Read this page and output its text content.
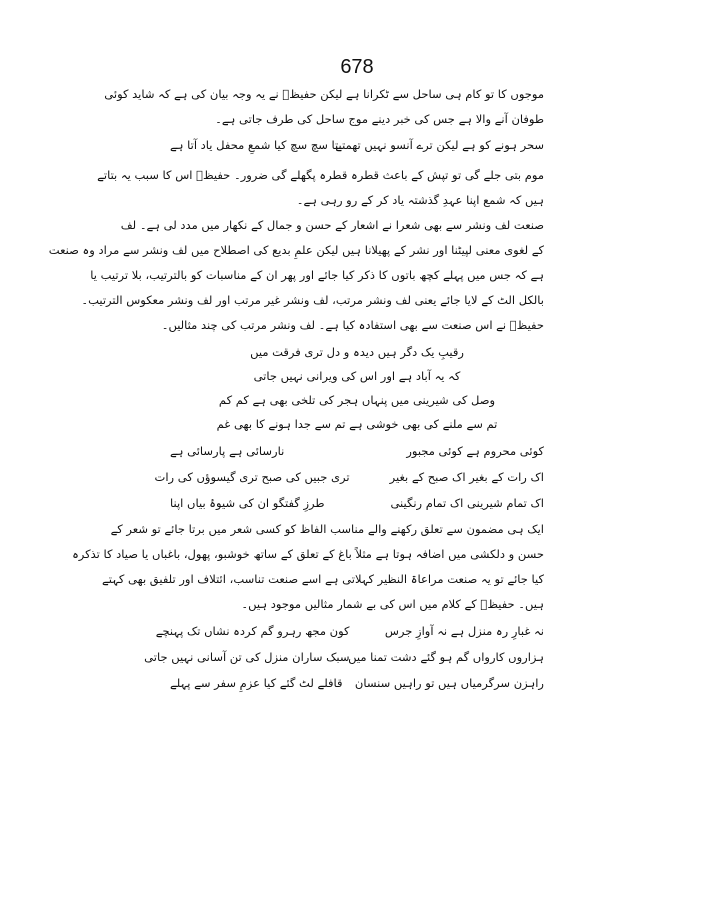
678
موجوں کا تو کام ہی ساحل سے ٹکرانا ہے لیکن حفیظؔ نے یہ وجہ بیان کی ہے کہ شاید کوئی
طوفان آنے والا ہے جس کی خبر دینے موج ساحل کی طرف جاتی ہے۔
سحر ہونے کو ہے لیکن ترے آنسو نہیں تھمتے
بتا سچ سچ کیا شمعِ محفل یاد آتا ہے
موم بتی جلے گی تو تپش کے باعث قطرہ قطرہ پگھلے گی ضرور۔ حفیظؔ اس کا سبب یہ بتاتے
ہیں کہ شمع اپنا عہدِ گذشتہ یاد کر کے رو رہی ہے۔
صنعت لف ونشر سے بھی شعرا نے اشعار کے حسن و جمال کے نکھار میں مدد لی ہے۔ لف
کے لغوی معنی لپیٹنا اور نشر کے پھیلانا ہیں لیکن علمِ بدیع کی اصطلاح میں لف ونشر سے مراد وہ صنعت
ہے کہ جس میں پہلے کچھ باتوں کا ذکر کیا جائے اور پھر ان کے مناسبات کو بالترتیب، بلا ترتیب یا
بالکل الٹ کے لایا جائے یعنی لف ونشر مرتب، لف ونشر غیر مرتب اور لف ونشر معکوس الترتیب۔
حفیظؔ نے اس صنعت سے بھی استفادہ کیا ہے۔ لف ونشر مرتب کی چند مثالیں۔
رقیبِ یک دگر ہیں دیدہ و دل تری فرقت میں
کہ یہ آباد ہے اور اس کی ویرانی نہیں جاتی
وصل کی شیرینی میں پنہاں ہجر کی تلخی بھی ہے کم کم
تم سے ملنے کی بھی خوشی ہے تم سے جدا ہونے کا بھی غم
کوئی محروم ہے کوئی مجبور
نارسائی ہے پارسائی ہے
اک رات کے بغیر اک صبح کے بغیر
تری جبیں کی صبح تری گیسوؤں کی رات
اک تمام شیرینی اک تمام رنگینی
طرزِ گفتگو ان کی شیوۂ بیاں اپنا
ایک ہی مضمون سے تعلق رکھنے والے مناسب الفاظ کو کسی شعر میں برتا جائے تو شعر کے
حسن و دلکشی میں اضافہ ہوتا ہے مثلاً باغ کے تعلق کے ساتھ خوشبو، پھول، باغباں یا صیاد کا تذکرہ
کیا جائے تو یہ صنعت مراعاۃ النظیر کہلاتی ہے اسے صنعت تناسب، ائتلاف اور تلفیق بھی کہتے
ہیں۔ حفیظؔ کے کلام میں اس کی بے شمار مثالیں موجود ہیں۔
نہ غبارِ رہ منزل ہے نہ آوازِ جرس
کون مجھ رہرو گم کردہ نشاں تک پہنچے
ہزاروں کارواں گم ہو گئے دشت تمنا میں
سبک ساران منزل کی تن آسانی نہیں جاتی
راہزن سرگرمیاں ہیں تو راہیں سنسان
قافلے لٹ گئے کیا عزمِ سفر سے پہلے
